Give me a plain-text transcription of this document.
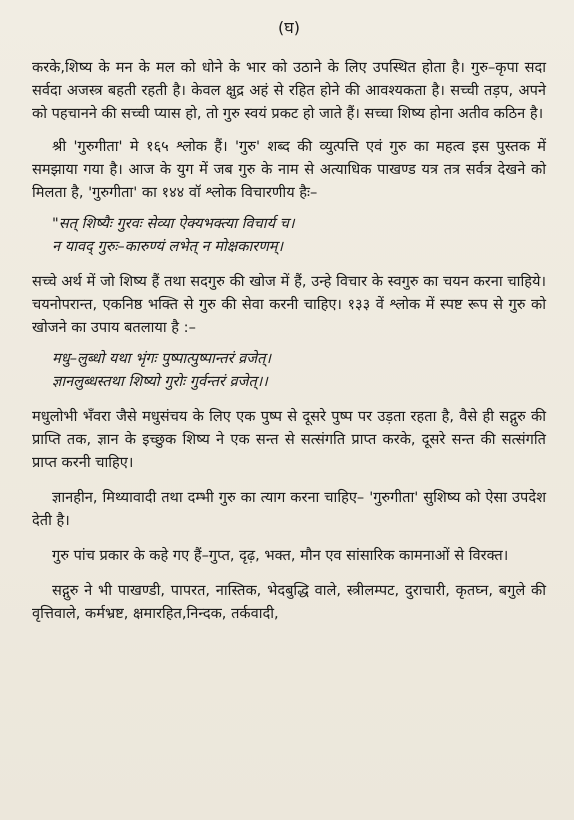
(घ)

करके,शिष्य के मन के मल को धोने के भार को उठाने के लिए उपस्थित होता है। गुरु–कृपा सदा सर्वदा अजस्त्र बहती रहती है। केवल क्षुद्र अहं से रहित होने की आवश्यकता है। सच्ची तड़प, अपने को पहचानने की सच्ची प्यास हो, तो गुरु स्वयं प्रकट हो जाते हैं। सच्चा शिष्य होना अतीव कठिन है।

श्री 'गुरुगीता' मे १६५ श्लोक हैं। 'गुरु' शब्द की व्युत्पत्ति एवं गुरु का महत्व इस पुस्तक में समझाया गया है। आज के युग में जब गुरु के नाम से अत्याधिक पाखण्ड यत्र तत्र सर्वत्र देखने को मिलता है, 'गुरुगीता' का १४४ वॉ श्लोक विचारणीय हैः–

"सत् शिष्यैः गुरवः सेव्या ऐक्यभक्त्या विचार्य च।
न यावद् गुरुः–कारुण्यं लभेत् न मोक्षकारणम्।

सच्चे अर्थ में जो शिष्य हैं तथा सदगुरु की खोज में हैं, उन्हे विचार के स्वगुरु का चयन करना चाहिये। चयनोपरान्त, एकनिष्ठ भक्ति से गुरु की सेवा करनी चाहिए। १३३ वें श्लोक में स्पष्ट रूप से गुरु को खोजने का उपाय बतलाया है :–

मधु–लुब्धो यथा भृंगः पुष्पात्पुष्पान्तरं व्रजेत्।
ज्ञानलुब्धस्तथा शिष्यो गुरोः गुर्वन्तरं व्रजेत्।।

मधुलोभी भँवरा जैसे मधुसंचय के लिए एक पुष्प से दूसरे पुष्प पर उड़ता रहता है, वैसे ही सद्गुरु की प्राप्ति तक, ज्ञान के इच्छुक शिष्य ने एक सन्त से सत्संगति प्राप्त करके, दूसरे सन्त की सत्संगति प्राप्त करनी चाहिए।

ज्ञानहीन, मिथ्यावादी तथा दम्भी गुरु का त्याग करना चाहिए– 'गुरुगीता' सुशिष्य को ऐसा उपदेश देती है।

गुरु पांच प्रकार के कहे गए हैं–गुप्त, दृढ़, भक्त, मौन एव सांसारिक कामनाओं से विरक्त।

सद्गुरु ने भी पाखण्डी, पापरत, नास्तिक, भेदबुद्धि वाले, स्त्रीलम्पट, दुराचारी, कृतघ्न, बगुले की वृत्तिवाले, कर्मभ्रष्ट, क्षमारहित,निन्दक, तर्कवादी,
